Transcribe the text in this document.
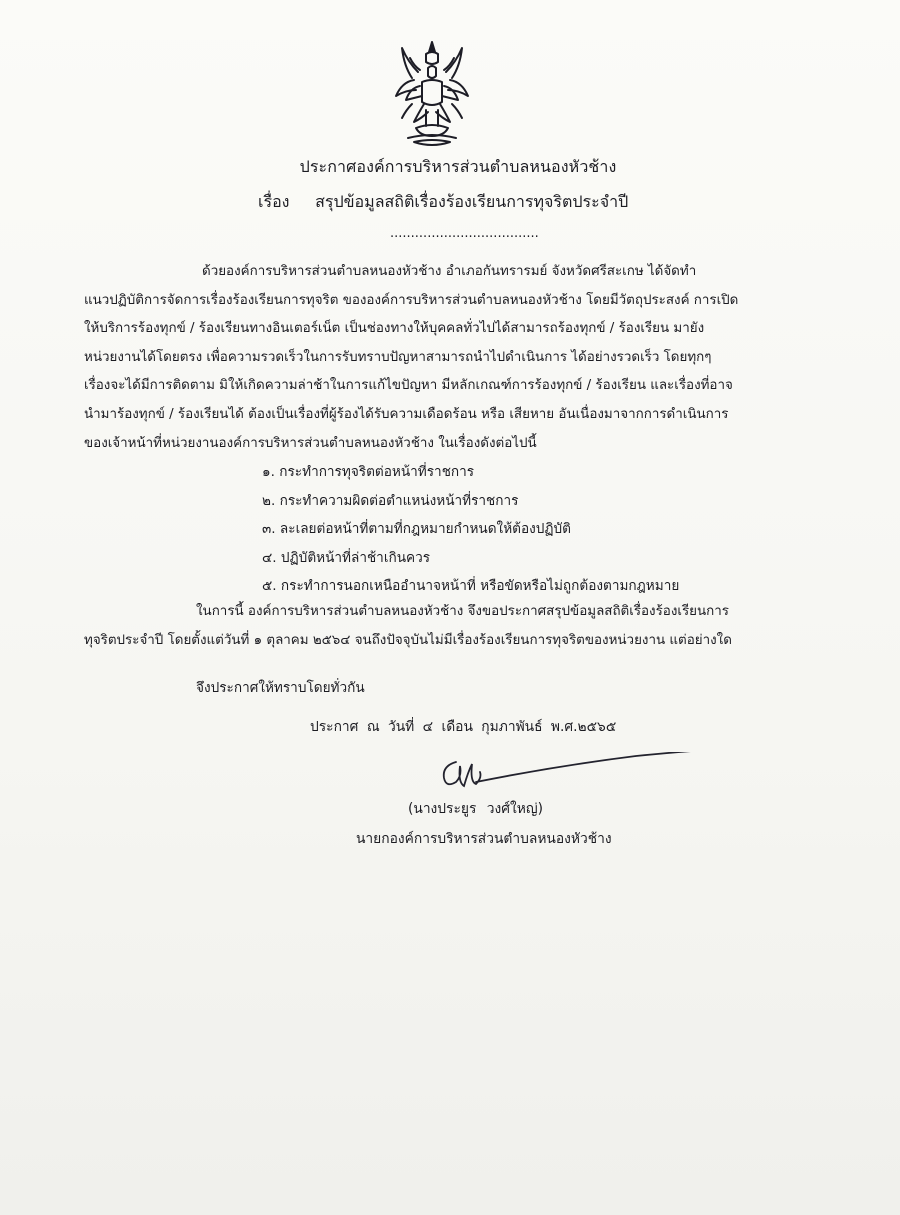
ประกาศองค์การบริหารส่วนตำบลหนองหัวช้าง
เรื่อง สรุปข้อมูลสถิติเรื่องร้องเรียนการทุจริตประจำปี
....................................
ด้วยองค์การบริหารส่วนตำบลหนองหัวช้าง อำเภอกันทรารมย์ จังหวัดศรีสะเกษ ได้จัดทำ
แนวปฏิบัติการจัดการเรื่องร้องเรียนการทุจริต ขององค์การบริหารส่วนตำบลหนองหัวช้าง โดยมีวัตถุประสงค์ การเปิด
ให้บริการร้องทุกข์ / ร้องเรียนทางอินเตอร์เน็ต เป็นช่องทางให้บุคคลทั่วไปได้สามารถร้องทุกข์ / ร้องเรียน มายัง
หน่วยงานได้โดยตรง เพื่อความรวดเร็วในการรับทราบปัญหาสามารถนำไปดำเนินการ ได้อย่างรวดเร็ว โดยทุกๆ
เรื่องจะได้มีการติดตาม มิให้เกิดความล่าช้าในการแก้ไขปัญหา มีหลักเกณฑ์การร้องทุกข์ / ร้องเรียน และเรื่องที่อาจ
นำมาร้องทุกข์ / ร้องเรียนได้ ต้องเป็นเรื่องที่ผู้ร้องได้รับความเดือดร้อน หรือ เสียหาย อันเนื่องมาจากการดำเนินการ
ของเจ้าหน้าที่หน่วยงานองค์การบริหารส่วนตำบลหนองหัวช้าง ในเรื่องดังต่อไปนี้
๑. กระทำการทุจริตต่อหน้าที่ราชการ
๒. กระทำความผิดต่อตำแหน่งหน้าที่ราชการ
๓. ละเลยต่อหน้าที่ตามที่กฎหมายกำหนดให้ต้องปฏิบัติ
๔. ปฏิบัติหน้าที่ล่าช้าเกินควร
๕. กระทำการนอกเหนืออำนาจหน้าที่ หรือขัดหรือไม่ถูกต้องตามกฎหมาย
ในการนี้ องค์การบริหารส่วนตำบลหนองหัวช้าง จึงขอประกาศสรุปข้อมูลสถิติเรื่องร้องเรียนการ
ทุจริตประจำปี โดยตั้งแต่วันที่ ๑ ตุลาคม ๒๕๖๔ จนถึงปัจจุบันไม่มีเรื่องร้องเรียนการทุจริตของหน่วยงาน แต่อย่างใด
จึงประกาศให้ทราบโดยทั่วกัน
ประกาศ ณ วันที่ ๔ เดือน กุมภาพันธ์ พ.ศ.๒๕๖๕
(นางประยูร วงศ์ใหญ่)
นายกองค์การบริหารส่วนตำบลหนองหัวช้าง
